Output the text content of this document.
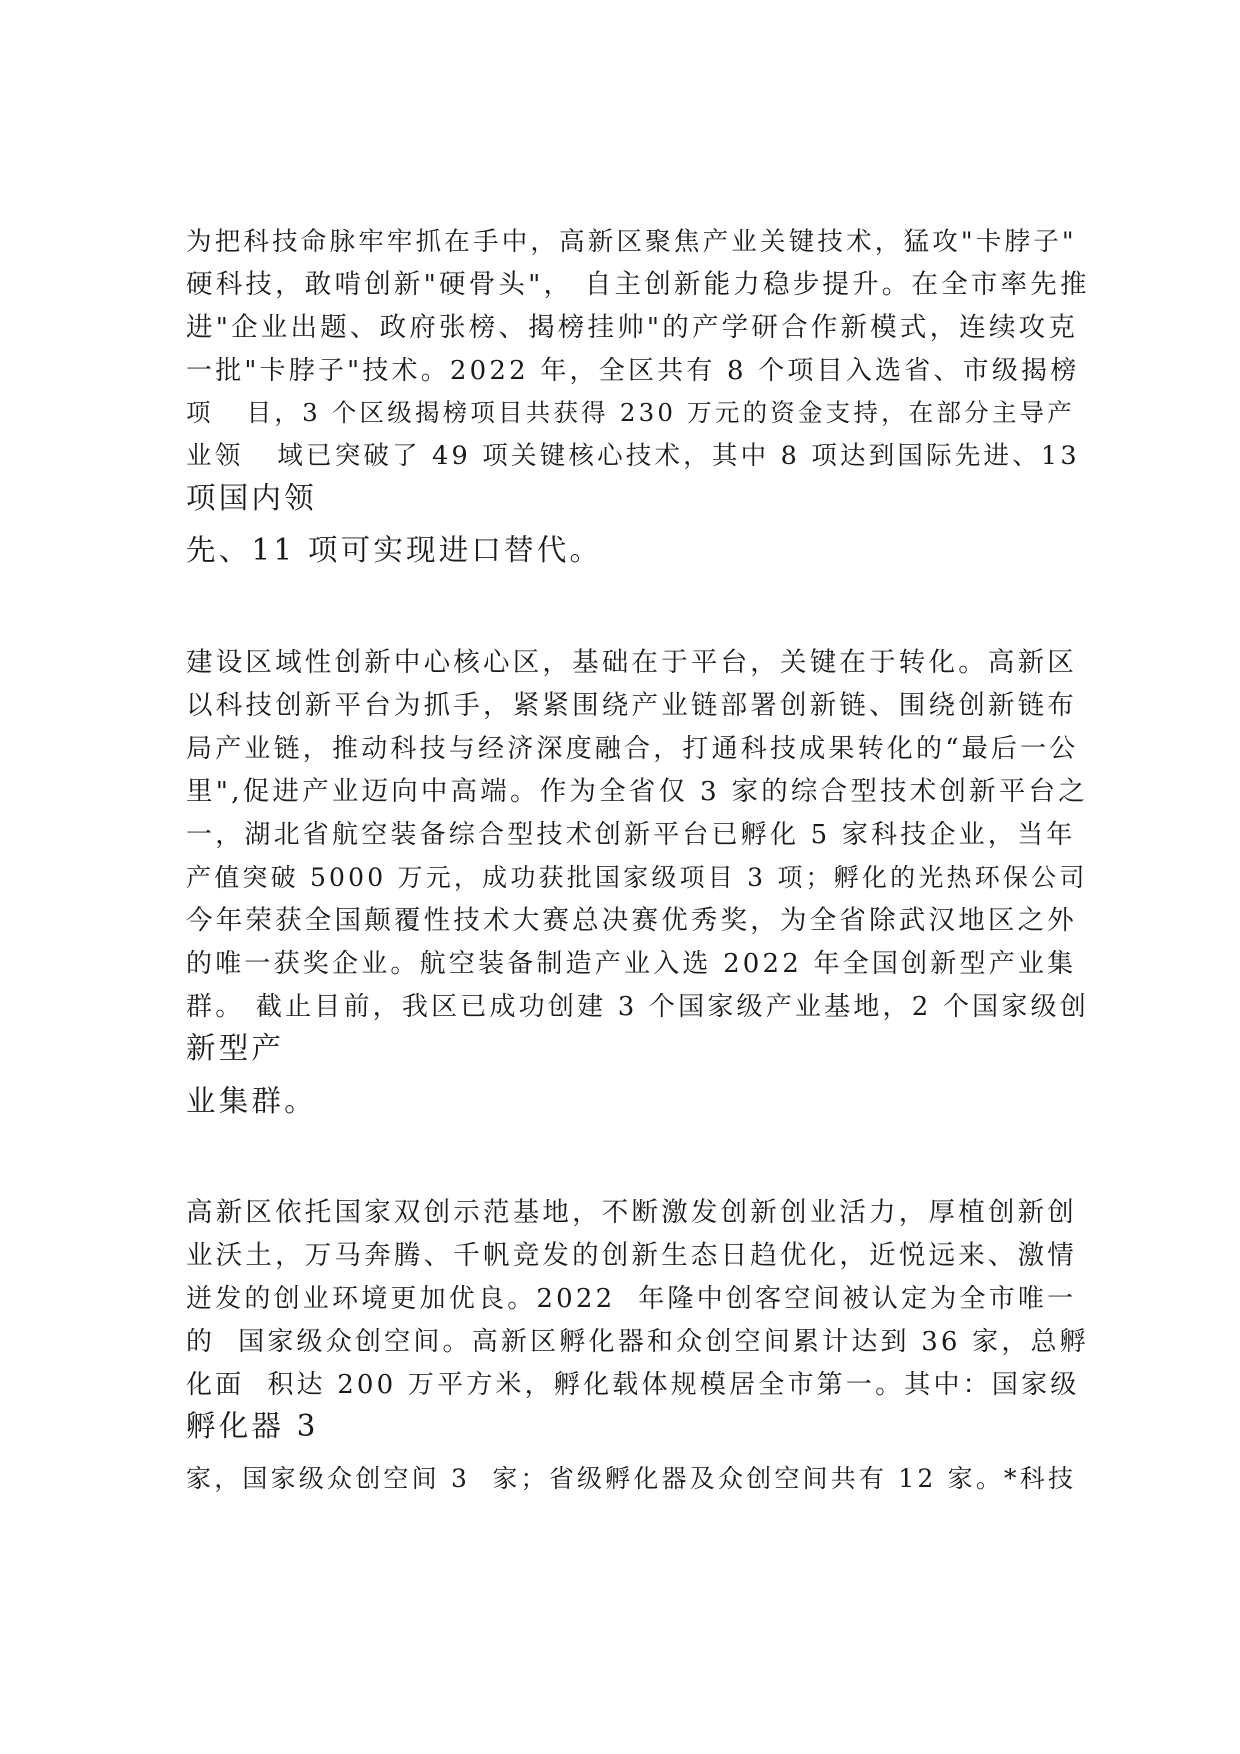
为把科技命脉牢牢抓在手中，高新区聚焦产业关键技术，猛攻"卡脖子"
硬科技，敢啃创新"硬骨头"， 自主创新能力稳步提升。在全市率先推
进"企业出题、政府张榜、揭榜挂帅"的产学研合作新模式，连续攻克
一批"卡脖子"技术。2022 年，全区共有 8 个项目入选省、市级揭榜
项   目，3 个区级揭榜项目共获得 230 万元的资金支持，在部分主导产
业领   域已突破了 49 项关键核心技术，其中 8 项达到国际先进、13
项国内领
先、11 项可实现进口替代。
建设区域性创新中心核心区，基础在于平台，关键在于转化。高新区
以科技创新平台为抓手，紧紧围绕产业链部署创新链、围绕创新链布
局产业链，推动科技与经济深度融合，打通科技成果转化的“最后一公
里",促进产业迈向中高端。作为全省仅 3 家的综合型技术创新平台之
一，湖北省航空装备综合型技术创新平台已孵化 5 家科技企业，当年
产值突破 5000 万元，成功获批国家级项目 3 项；孵化的光热环保公司
今年荣获全国颠覆性技术大赛总决赛优秀奖，为全省除武汉地区之外
的唯一获奖企业。航空装备制造产业入选 2022 年全国创新型产业集
群。 截止目前，我区已成功创建 3 个国家级产业基地，2 个国家级创
新型产
业集群。
高新区依托国家双创示范基地，不断激发创新创业活力，厚植创新创
业沃土，万马奔腾、千帆竞发的创新生态日趋优化，近悦远来、激情
迸发的创业环境更加优良。2022  年隆中创客空间被认定为全市唯一
的  国家级众创空间。高新区孵化器和众创空间累计达到 36 家，总孵
化面  积达 200 万平方米，孵化载体规模居全市第一。其中：国家级
孵化器 3
家，国家级众创空间 3  家；省级孵化器及众创空间共有 12 家。*科技
